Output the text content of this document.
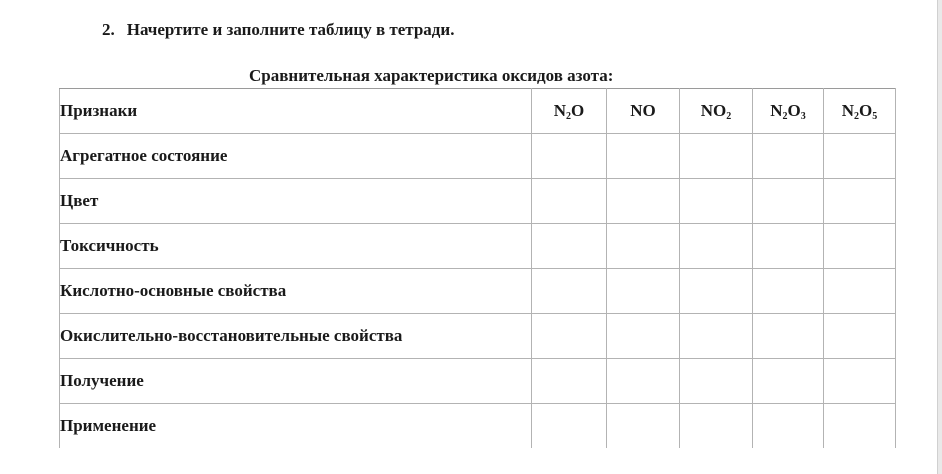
2. Начертите и заполните таблицу в тетради.
Сравнительная характеристика оксидов азота:
Признаки	$N_2O$	NO	$NO_2$	$N_2O_3$	$N_2O_5$
Агрегатное состояние					
Цвет					
Токсичность					
Кислотно-основные свойства					
Окислительно-восстановительные свойства					
Получение					
Применение					
